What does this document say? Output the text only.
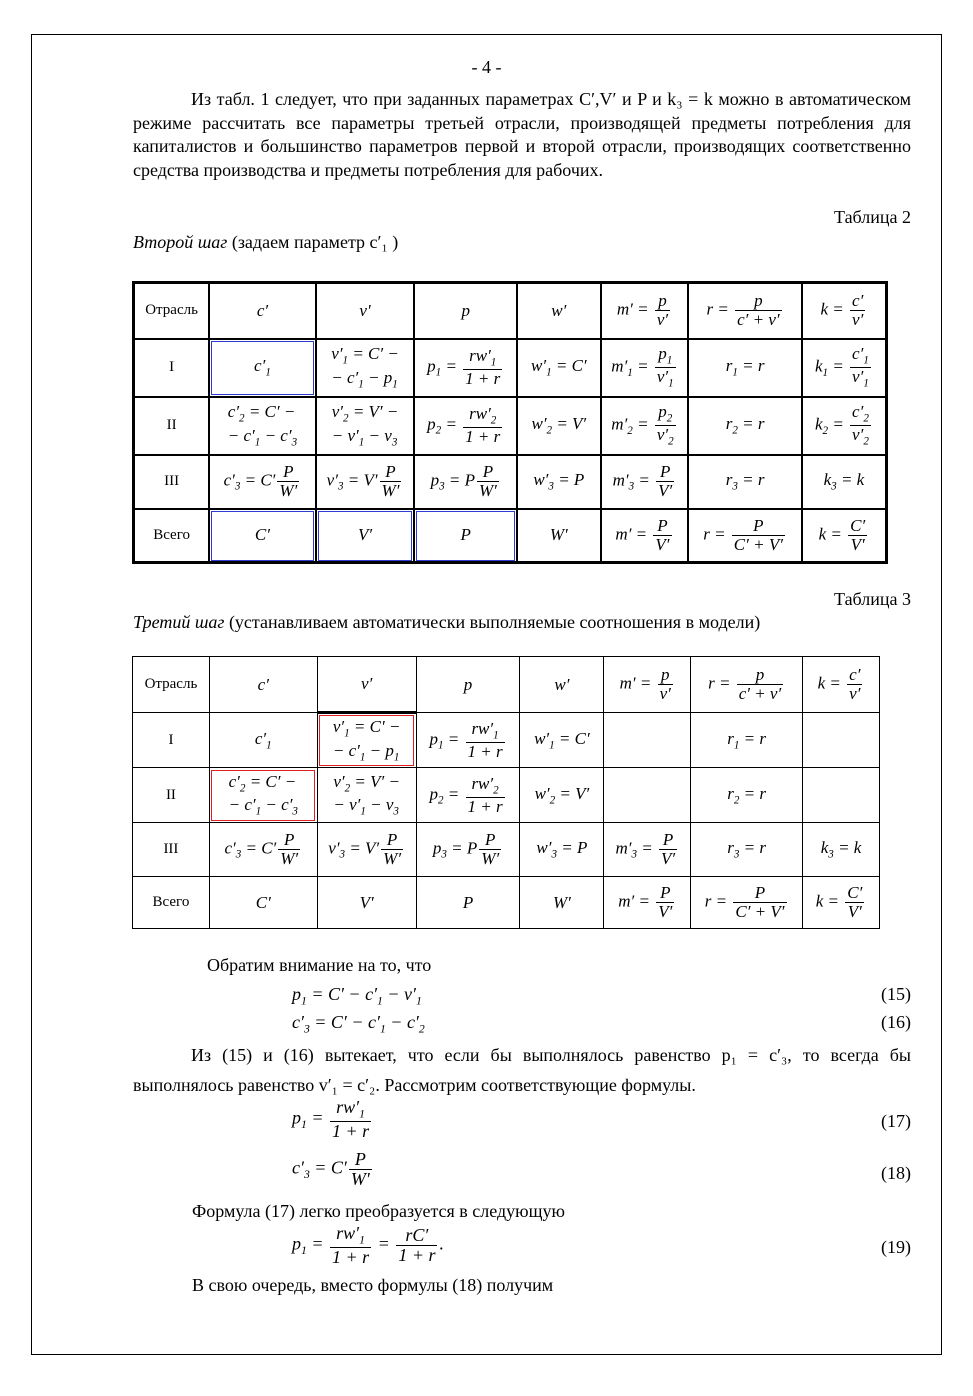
- 4 -
Из табл. 1 следует, что при заданных параметрах C′,V′ и P и k₃ = k можно в автоматическом режиме рассчитать все параметры третьей отрасли, производящей предметы потребления для капиталистов и большинство параметров первой и второй отрасли, производящих соответственно средства производства и предметы потребления для рабочих.
Таблица 2
Второй шаг (задаем параметр c′₁ )
Отрасль	c′	v′	p	w′	$m' = \frac{p}{v'}$	$r = \frac{p}{c' + v'}$	$k = \frac{c'}{v'}$

I	$c'_1$	$v'_1 = C'$ −
− $c'_1 - p_1$	$p_1 = \frac{rw'_1}{1 + r}$	$w'_1 = C'$	$m'_1 = \frac{p_1}{v'_1}$	$r_1 = r$	$k_1 = \frac{c'_1}{v'_1}$

II	$c'_2 = C'$ −
− $c'_1 - c'_3$	$v'_2 = V'$ −
− $v'_1 - v_3$	$p_2 = \frac{rw'_2}{1 + r}$	$w'_2 = V'$	$m'_2 = \frac{p_2}{v'_2}$	$r_2 = r$	$k_2 = \frac{c'_2}{v'_2}$

III	$c'_3 = C' \frac{P}{W'}$	$v'_3 = V' \frac{P}{W'}$	$p_3 = P \frac{P}{W'}$	$w'_3 = P$	$m'_3 = \frac{P}{V'}$	$r_3 = r$	$k_3 = k$
Всего	C′	V′	P	W′	$m' = \frac{P}{V'}$	$r = \frac{P}{C' + V'}$	$k = \frac{C'}{V'}$
Таблица 3
Третий шаг (устанавливаем автоматически выполняемые соотношения в модели)
Отрасль	c′	v′	p	w′	$m' = \frac{p}{v'}$	$r = \frac{p}{c' + v'}$	$k = \frac{c'}{v'}$

I	$c'_1$	$v'_1 = C'$ −
− $c'_1 - p_1$	$p_1 = \frac{rw'_1}{1 + r}$	$w'_1 = C'$		$r_1 = r$	
II	$c'_2 = C'$ −
− $c'_1 - c'_3$	$v'_2 = V'$ −
− $v'_1 - v_3$	$p_2 = \frac{rw'_2}{1 + r}$	$w'_2 = V'$		$r_2 = r$	
III	$c'_3 = C' \frac{P}{W'}$	$v'_3 = V' \frac{P}{W'}$	$p_3 = P \frac{P}{W'}$	$w'_3 = P$	$m'_3 = \frac{P}{V'}$	$r_3 = r$	$k_3 = k$
Всего	C′	V′	P	W′	$m' = \frac{P}{V'}$	$r = \frac{P}{C' + V'}$	$k = \frac{C'}{V'}$
Обратим внимание на то, что
$p_1 = C' - c'_1 - v'_1$	(15)
$c'_3 = C' - c'_1 - c'_2$	(16)
Из (15) и (16) вытекает, что если бы выполнялось равенство p₁ = c′₃, то всегда бы выполнялось равенство v′₁ = c′₂. Рассмотрим соответствующие формулы.
$p_1 = \frac{rw'_1}{1 + r}$	(17)
$c'_3 = C' \frac{P}{W'}$	(18)
Формула (17) легко преобразуется в следующую
$p_1 = \frac{rw'_1}{1 + r} = \frac{rC'}{1 + r}$ .	(19)
В свою очередь, вместо формулы (18) получим
